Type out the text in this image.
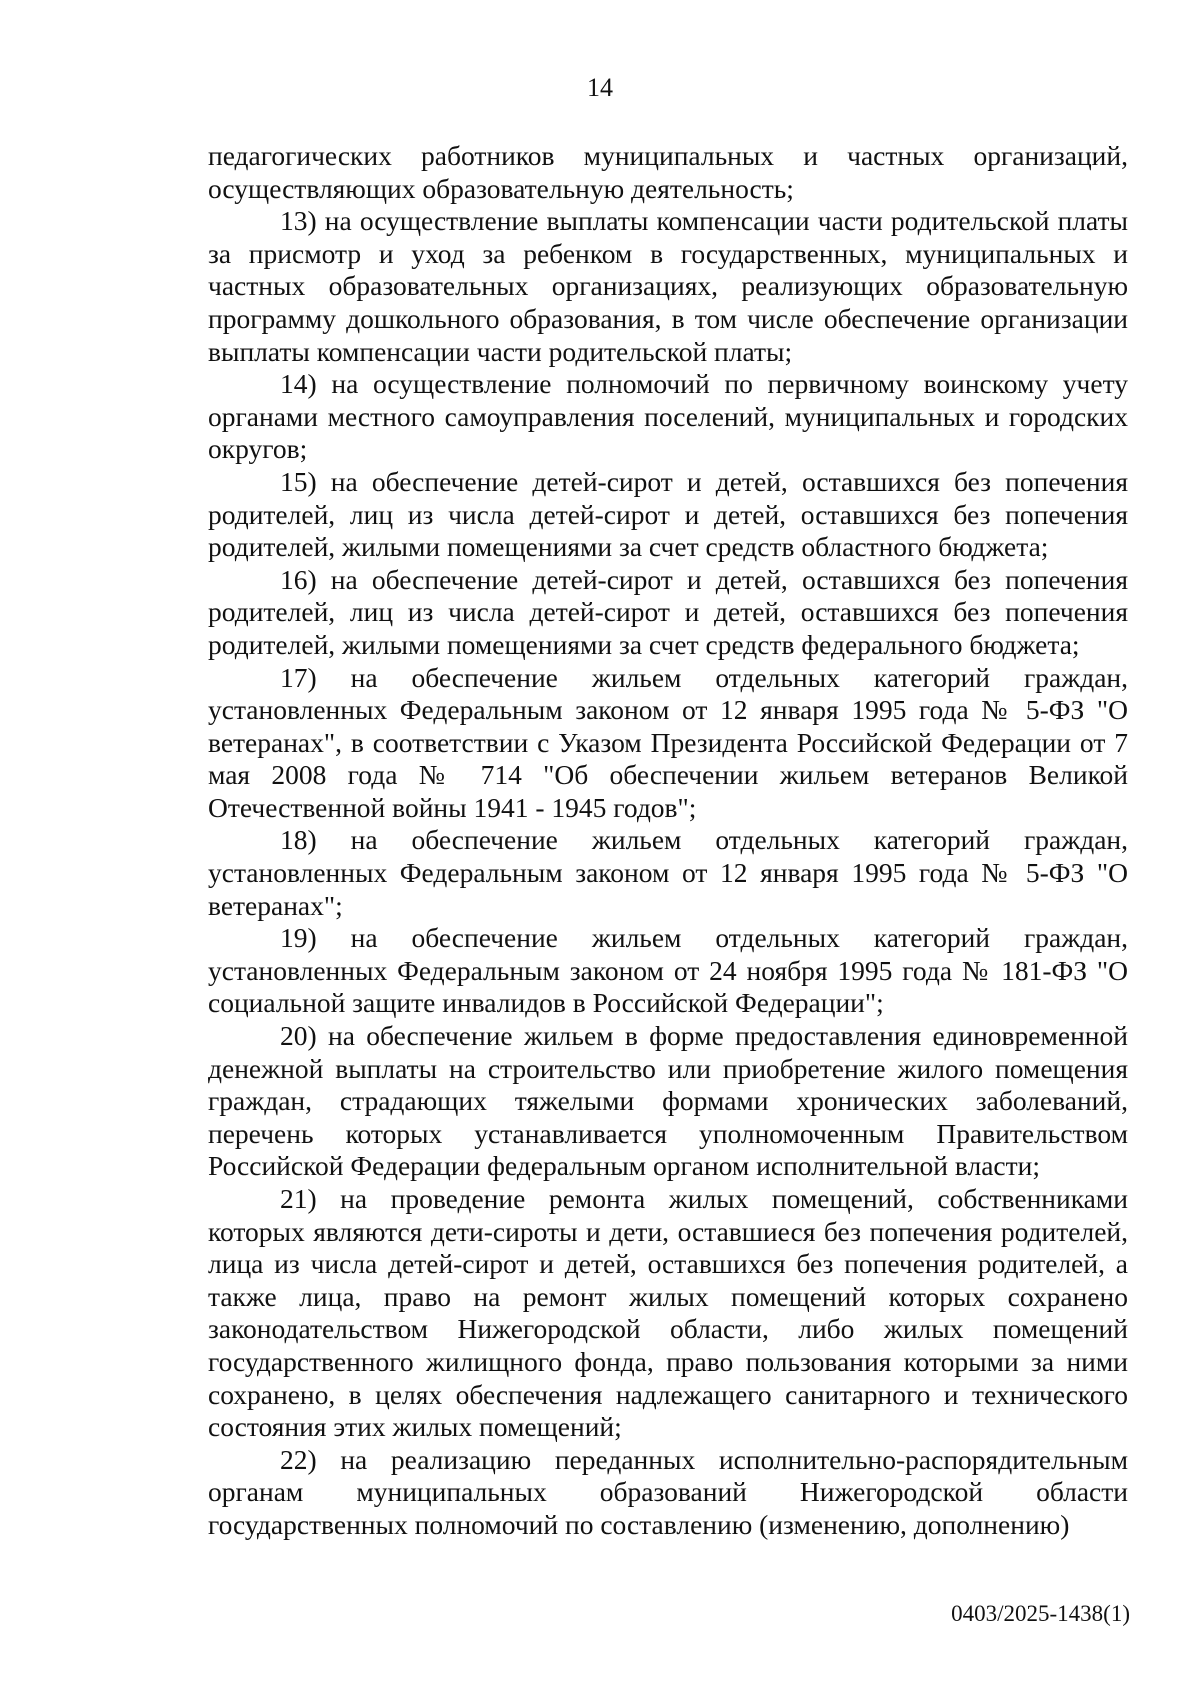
14

педагогических работников муниципальных и частных организаций, осуществляющих образовательную деятельность;

13) на осуществление выплаты компенсации части родительской платы за присмотр и уход за ребенком в государственных, муниципальных и частных образовательных организациях, реализующих образовательную программу дошкольного образования, в том числе обеспечение организации выплаты компенсации части родительской платы;

14) на осуществление полномочий по первичному воинскому учету органами местного самоуправления поселений, муниципальных и городских округов;

15) на обеспечение детей-сирот и детей, оставшихся без попечения родителей, лиц из числа детей-сирот и детей, оставшихся без попечения родителей, жилыми помещениями за счет средств областного бюджета;

16) на обеспечение детей-сирот и детей, оставшихся без попечения родителей, лиц из числа детей-сирот и детей, оставшихся без попечения родителей, жилыми помещениями за счет средств федерального бюджета;

17) на обеспечение жильем отдельных категорий граждан, установленных Федеральным законом от 12 января 1995 года № 5-ФЗ "О ветеранах", в соответствии с Указом Президента Российской Федерации от 7 мая 2008 года № 714 "Об обеспечении жильем ветеранов Великой Отечественной войны 1941 - 1945 годов";

18) на обеспечение жильем отдельных категорий граждан, установленных Федеральным законом от 12 января 1995 года № 5-ФЗ "О ветеранах";

19) на обеспечение жильем отдельных категорий граждан, установленных Федеральным законом от 24 ноября 1995 года № 181-ФЗ "О социальной защите инвалидов в Российской Федерации";

20) на обеспечение жильем в форме предоставления единовременной денежной выплаты на строительство или приобретение жилого помещения граждан, страдающих тяжелыми формами хронических заболеваний, перечень которых устанавливается уполномоченным Правительством Российской Федерации федеральным органом исполнительной власти;

21) на проведение ремонта жилых помещений, собственниками которых являются дети-сироты и дети, оставшиеся без попечения родителей, лица из числа детей-сирот и детей, оставшихся без попечения родителей, а также лица, право на ремонт жилых помещений которых сохранено законодательством Нижегородской области, либо жилых помещений государственного жилищного фонда, право пользования которыми за ними сохранено, в целях обеспечения надлежащего санитарного и технического состояния этих жилых помещений;

22) на реализацию переданных исполнительно-распорядительным органам муниципальных образований Нижегородской области государственных полномочий по составлению (изменению, дополнению)

0403/2025-1438(1)
